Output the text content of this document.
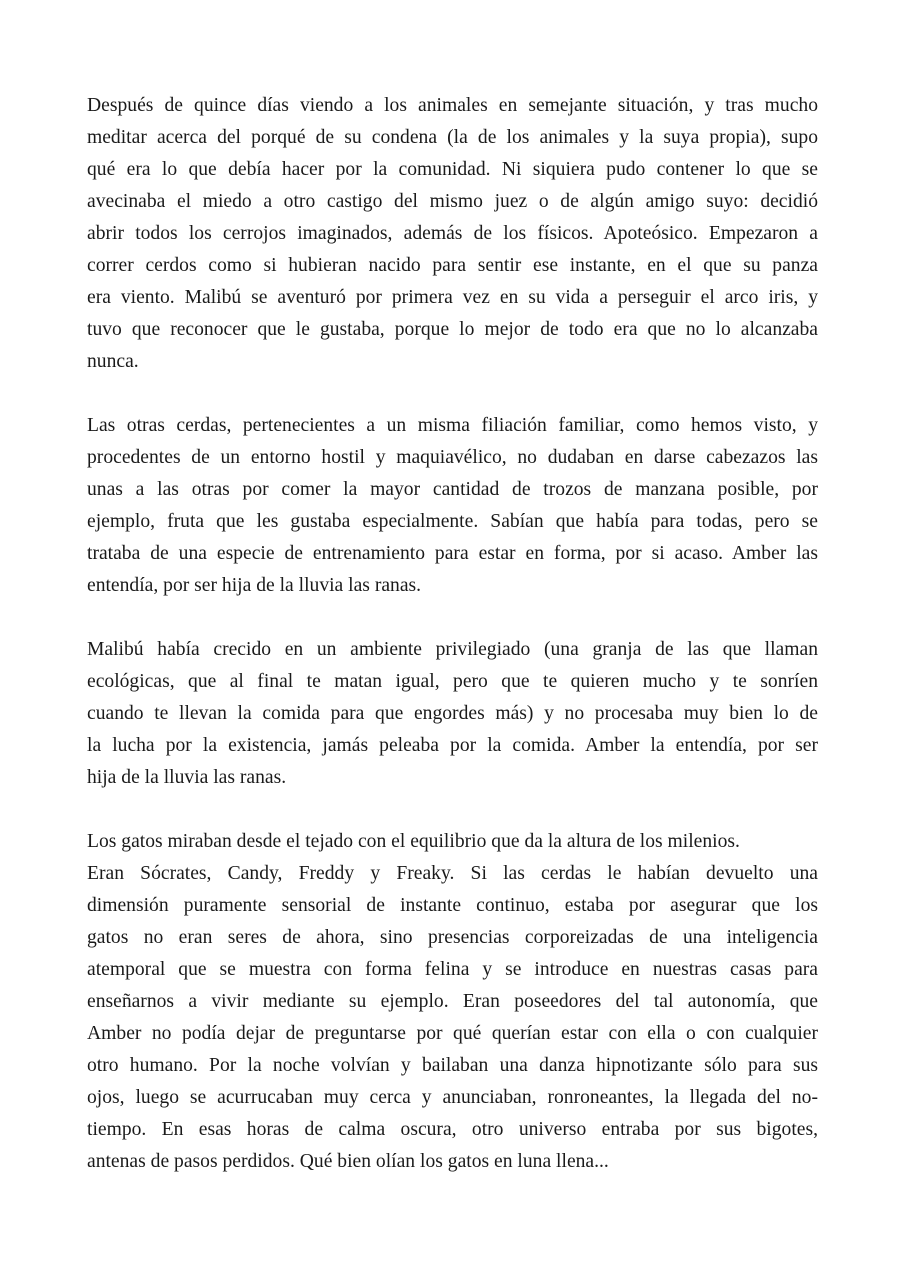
Después de quince días viendo a los animales en semejante situación, y tras mucho
meditar acerca del porqué de su condena (la de los animales y la suya propia), supo
qué era lo que debía hacer por la comunidad. Ni siquiera pudo contener lo que se
avecinaba el miedo a otro castigo del mismo juez o de algún amigo suyo: decidió
abrir todos los cerrojos imaginados, además de los físicos. Apoteósico. Empezaron a
correr cerdos como si hubieran nacido para sentir ese instante, en el que su panza
era viento. Malibú se aventuró por primera vez en su vida a perseguir el arco iris, y
tuvo que reconocer que le gustaba, porque lo mejor de todo era que no lo alcanzaba
nunca.
Las otras cerdas, pertenecientes a un misma filiación familiar, como hemos visto, y
procedentes de un entorno hostil y maquiavélico, no dudaban en darse cabezazos las
unas a las otras por comer la mayor cantidad de trozos de manzana posible, por
ejemplo, fruta que les gustaba especialmente. Sabían que había para todas, pero se
trataba de una especie de entrenamiento para estar en forma, por si acaso. Amber las
entendía, por ser hija de la lluvia las ranas.
Malibú había crecido en un ambiente privilegiado (una granja de las que llaman
ecológicas, que al final te matan igual, pero que te quieren mucho y te sonríen
cuando te llevan la comida para que engordes más) y no procesaba muy bien lo de
la lucha por la existencia, jamás peleaba por la comida. Amber la entendía, por ser
hija de la lluvia las ranas.
Los gatos miraban desde el tejado con el equilibrio que da la altura de los milenios.
Eran Sócrates, Candy, Freddy y Freaky. Si las cerdas le habían devuelto una
dimensión puramente sensorial de instante continuo, estaba por asegurar que los
gatos no eran seres de ahora, sino presencias corporeizadas de una inteligencia
atemporal que se muestra con forma felina y se introduce en nuestras casas para
enseñarnos a vivir mediante su ejemplo. Eran poseedores del tal autonomía, que
Amber no podía dejar de preguntarse por qué querían estar con ella o con cualquier
otro humano. Por la noche volvían y bailaban una danza hipnotizante sólo para sus
ojos, luego se acurrucaban muy cerca y anunciaban, ronroneantes, la llegada del no-
tiempo. En esas horas de calma oscura, otro universo entraba por sus bigotes,
antenas de pasos perdidos. Qué bien olían los gatos en luna llena...
